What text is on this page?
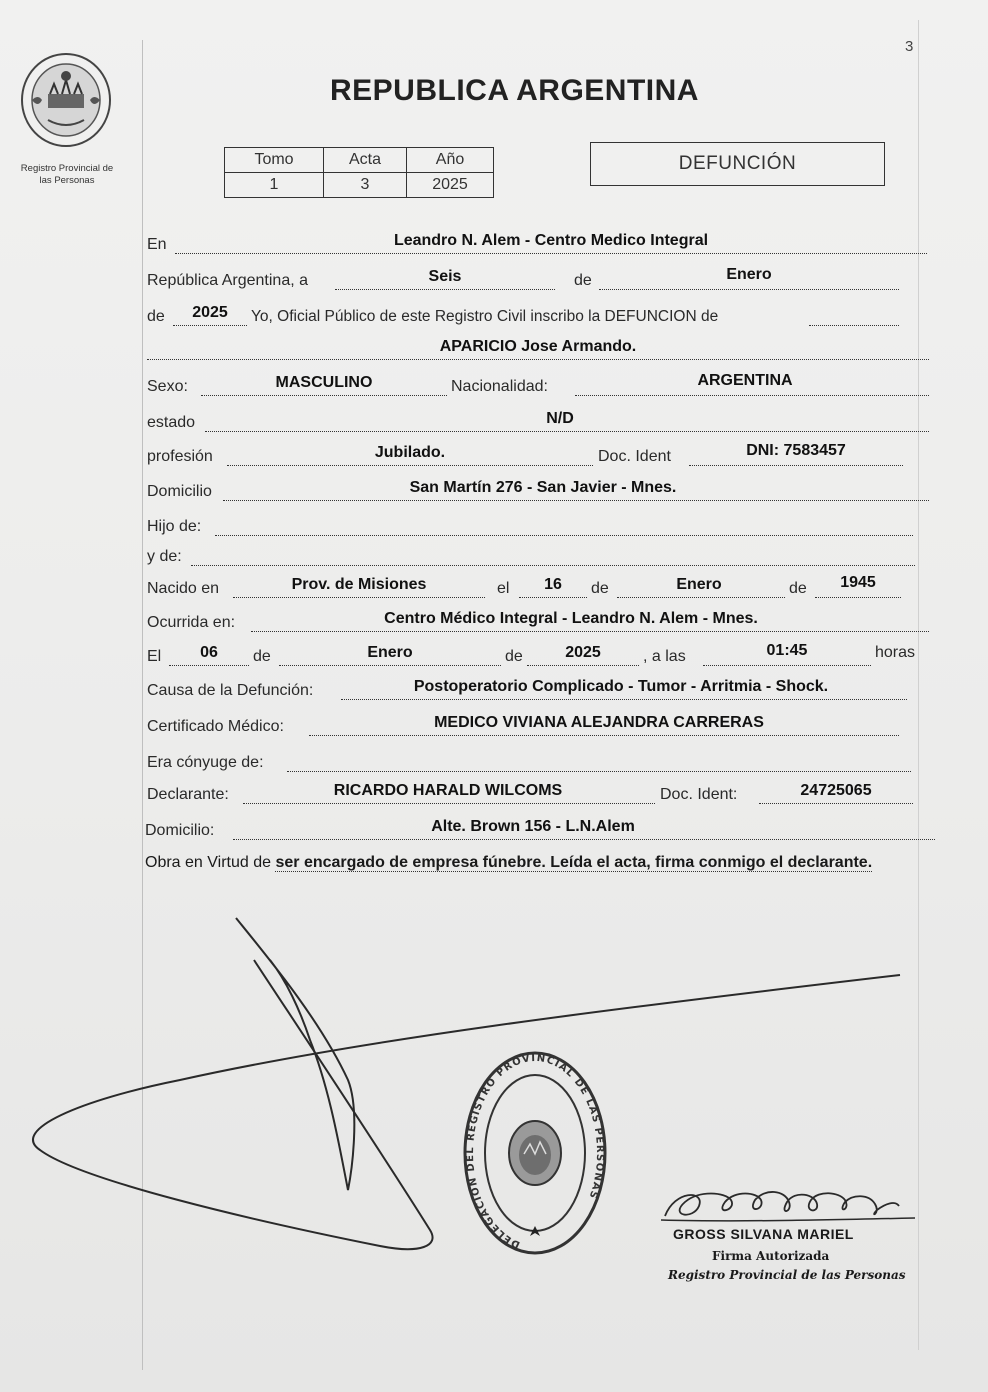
3
Registro Provincial de
las Personas
REPUBLICA ARGENTINA
Tomo	Acta	Año
1	3	2025
DEFUNCIÓN
En	Leandro N. Alem - Centro Medico Integral
República Argentina, a	Seis	de	Enero
de	2025	Yo, Oficial Público de este Registro Civil inscribo la DEFUNCION de
APARICIO Jose Armando.
Sexo:	MASCULINO	Nacionalidad:	ARGENTINA
estado	N/D
profesión	Jubilado.	Doc. Ident	DNI: 7583457
Domicilio	San Martín 276 - San Javier - Mnes.
Hijo de:
y de:
Nacido en	Prov. de Misiones	el	16	de	Enero	de	1945
Ocurrida en:	Centro Médico Integral - Leandro N. Alem - Mnes.
El	06	de	Enero	de	2025	, a las	01:45	horas
Causa de la Defunción:	Postoperatorio Complicado - Tumor - Arritmia - Shock.
Certificado Médico:	MEDICO VIVIANA ALEJANDRA CARRERAS
Era cónyuge de:
Declarante:	RICARDO HARALD WILCOMS	Doc. Ident:	24725065
Domicilio:	Alte. Brown 156 - L.N.Alem
Obra en Virtud de ser encargado de empresa fúnebre. Leída el acta, firma conmigo el declarante.
DELEGACION DEL REGISTRO PROVINCIAL DE LAS PERSONAS
GROSS SILVANA MARIEL
Firma Autorizada
Registro Provincial de las Personas
